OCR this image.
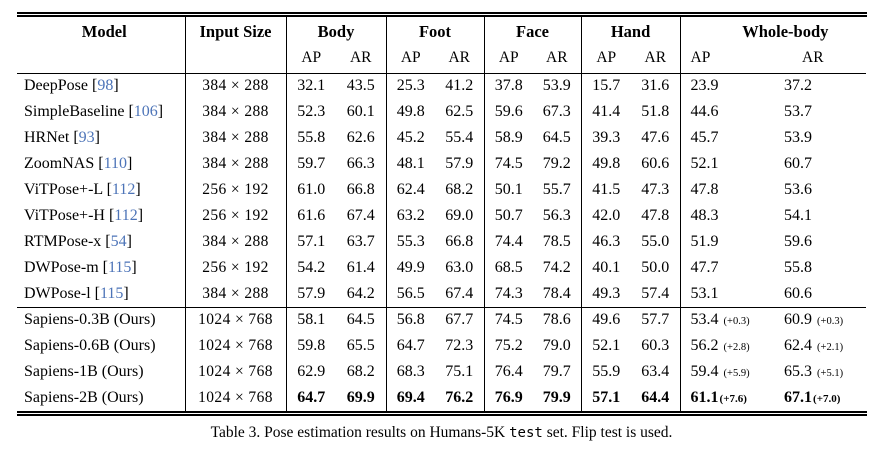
Model	Input Size	Body		Foot		Face		Hand		Whole-body	
		AP	AR	AP	AR	AP	AR	AP	AR	AP	AR
DeepPose [98]	384 × 288	32.1	43.5	25.3	41.2	37.8	53.9	15.7	31.6	23.9	37.2
SimpleBaseline [106]	384 × 288	52.3	60.1	49.8	62.5	59.6	67.3	41.4	51.8	44.6	53.7
HRNet [93]	384 × 288	55.8	62.6	45.2	55.4	58.9	64.5	39.3	47.6	45.7	53.9
ZoomNAS [110]	384 × 288	59.7	66.3	48.1	57.9	74.5	79.2	49.8	60.6	52.1	60.7
ViTPose+-L [112]	256 × 192	61.0	66.8	62.4	68.2	50.1	55.7	41.5	47.3	47.8	53.6
ViTPose+-H [112]	256 × 192	61.6	67.4	63.2	69.0	50.7	56.3	42.0	47.8	48.3	54.1
RTMPose-x [54]	384 × 288	57.1	63.7	55.3	66.8	74.4	78.5	46.3	55.0	51.9	59.6
DWPose-m [115]	256 × 192	54.2	61.4	49.9	63.0	68.5	74.2	40.1	50.0	47.7	55.8
DWPose-l [115]	384 × 288	57.9	64.2	56.5	67.4	74.3	78.4	49.3	57.4	53.1	60.6
Sapiens-0.3B (Ours)	1024 × 768	58.1	64.5	56.8	67.7	74.5	78.6	49.6	57.7	53.4 (+0.3)	60.9 (+0.3)
Sapiens-0.6B (Ours)	1024 × 768	59.8	65.5	64.7	72.3	75.2	79.0	52.1	60.3	56.2 (+2.8)	62.4 (+2.1)
Sapiens-1B (Ours)	1024 × 768	62.9	68.2	68.3	75.1	76.4	79.7	55.9	63.4	59.4 (+5.9)	65.3 (+5.1)
Sapiens-2B (Ours)	1024 × 768	64.7	69.9	69.4	76.2	76.9	79.9	57.1	64.4	61.1(+7.6)	67.1(+7.0)
Table 3. Pose estimation results on Humans-5K test set. Flip test is used.
